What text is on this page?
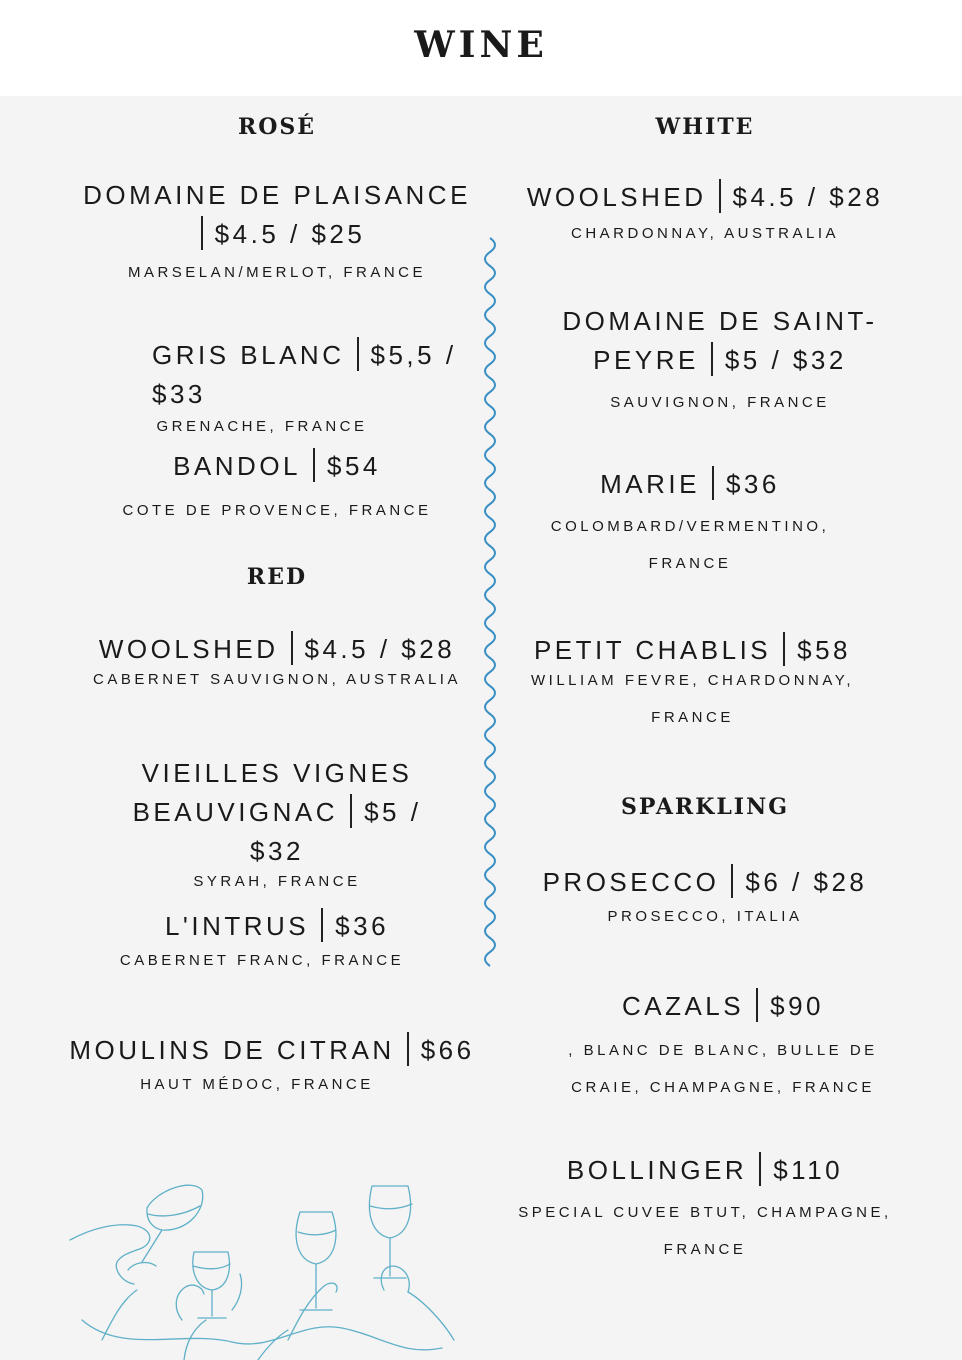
WINE
ROSÉ
DOMAINE DE PLAISANCE
$4.5 / $25
MARSELAN/MERLOT, FRANCE
GRIS BLANC $5,5 / $33
GRENACHE, FRANCE
BANDOL $54
COTE DE PROVENCE, FRANCE
RED
WOOLSHED $4.5 / $28
CABERNET SAUVIGNON, AUSTRALIA
VIEILLES VIGNES BEAUVIGNAC $5 / $32
SYRAH, FRANCE
L'INTRUS $36
CABERNET FRANC, FRANCE
MOULINS DE CITRAN $66
HAUT MÉDOC, FRANCE
WHITE
WOOLSHED $4.5 / $28
CHARDONNAY, AUSTRALIA
DOMAINE DE SAINT-PEYRE $5 / $32
SAUVIGNON, FRANCE
MARIE $36
COLOMBARD/VERMENTINO, FRANCE
PETIT CHABLIS $58
WILLIAM FEVRE, CHARDONNAY, FRANCE
SPARKLING
PROSECCO $6 / $28
PROSECCO, ITALIA
CAZALS $90
, BLANC DE BLANC, BULLE DE CRAIE, CHAMPAGNE, FRANCE
BOLLINGER $110
SPECIAL CUVEE BTUT, CHAMPAGNE, FRANCE
